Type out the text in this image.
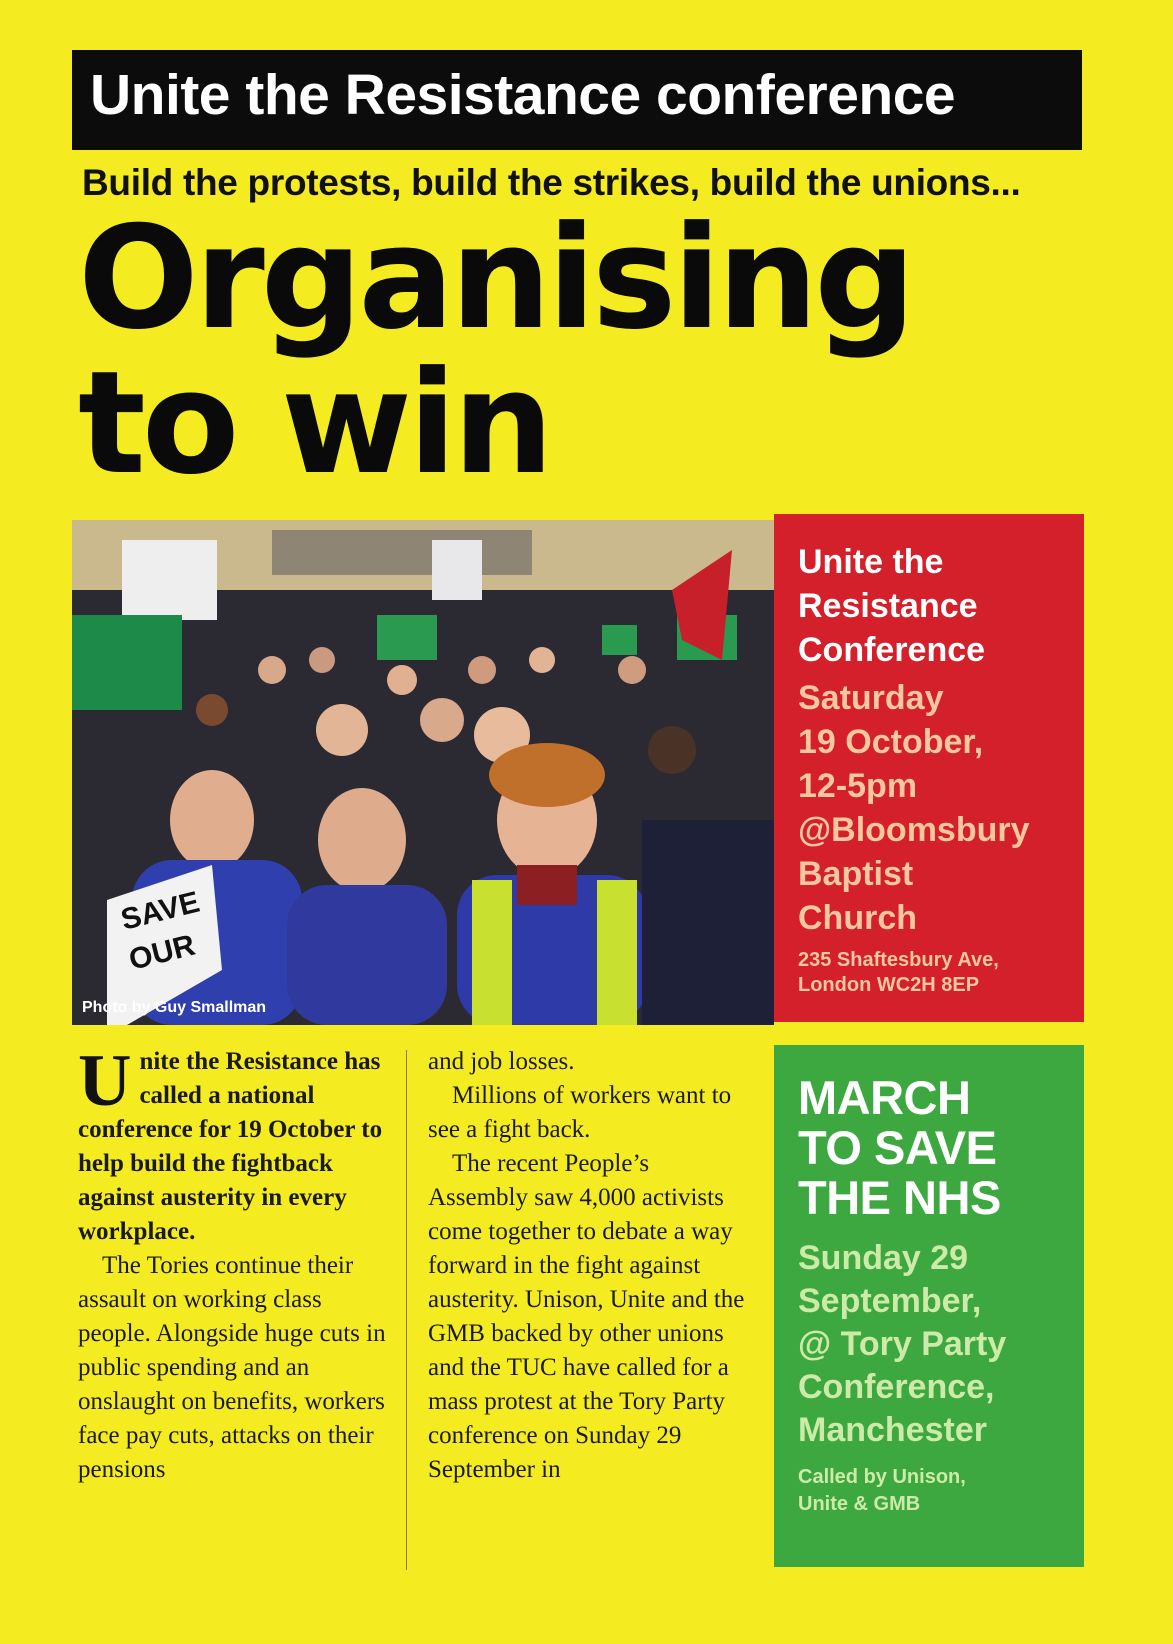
Unite the Resistance conference
Build the protests, build the strikes, build the unions...
Organising
to win
SAVE
OUR
Photo by Guy Smallman
Unite the
Resistance
Conference
Saturday
19 October,
12-5pm
@Bloomsbury
Baptist
Church
235 Shaftesbury Ave,
London WC2H 8EP

Unite the Resistance has called a national conference for 19 October to help build the fightback against austerity in every workplace.

The Tories continue their assault on working class people. Alongside huge cuts in public spending and an onslaught on benefits, workers face pay cuts, attacks on their pensions

and job losses.

Millions of workers want to see a fight back.

The recent People’s Assembly saw 4,000 activists come together to debate a way forward in the fight against austerity. Unison, Unite and the GMB backed by other unions and the TUC have called for a mass protest at the Tory Party conference on Sunday 29 September in

MARCH
TO SAVE
THE NHS
Sunday 29
September,
@ Tory Party
Conference,
Manchester
Called by Unison,
Unite & GMB
